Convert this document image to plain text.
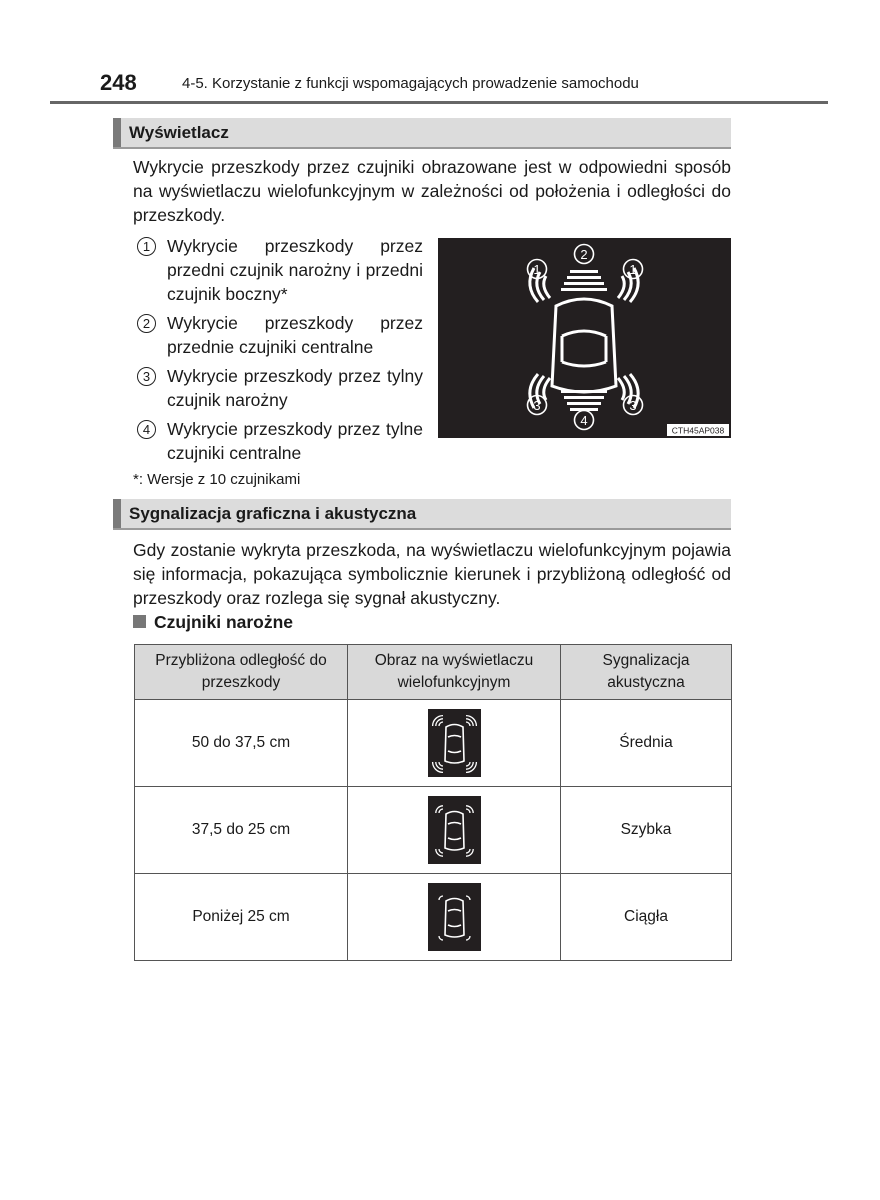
248	4-5. Korzystanie z funkcji wspomagających prowadzenie samochodu
Wyświetlacz
Wykrycie przeszkody przez czujniki obrazowane jest w odpowiedni sposób na wyświetlaczu wielofunkcyjnym w zależności od położenia i odległości do przeszkody.
1 Wykrycie przeszkody przez przedni czujnik narożny i przedni czujnik boczny*
2 Wykrycie przeszkody przez przednie czujniki centralne
3 Wykrycie przeszkody przez tylny czujnik narożny
4 Wykrycie przeszkody przez tylne czujniki centralne
*: Wersje z 10 czujnikami
1
2
1
3
4
3
CTH45AP038
Sygnalizacja graficzna i akustyczna
Gdy zostanie wykryta przeszkoda, na wyświetlaczu wielofunkcyjnym pojawia się informacja, pokazująca symbolicznie kierunek i przybliżoną odległość od przeszkody oraz rozlega się sygnał akustyczny.
Czujniki narożne
Przybliżona odległość do przeszkody	Obraz na wyświetlaczu wielofunkcyjnym	Sygnalizacja akustyczna
50 do 37,5 cm		Średnia
37,5 do 25 cm		Szybka
Poniżej 25 cm		Ciągła
